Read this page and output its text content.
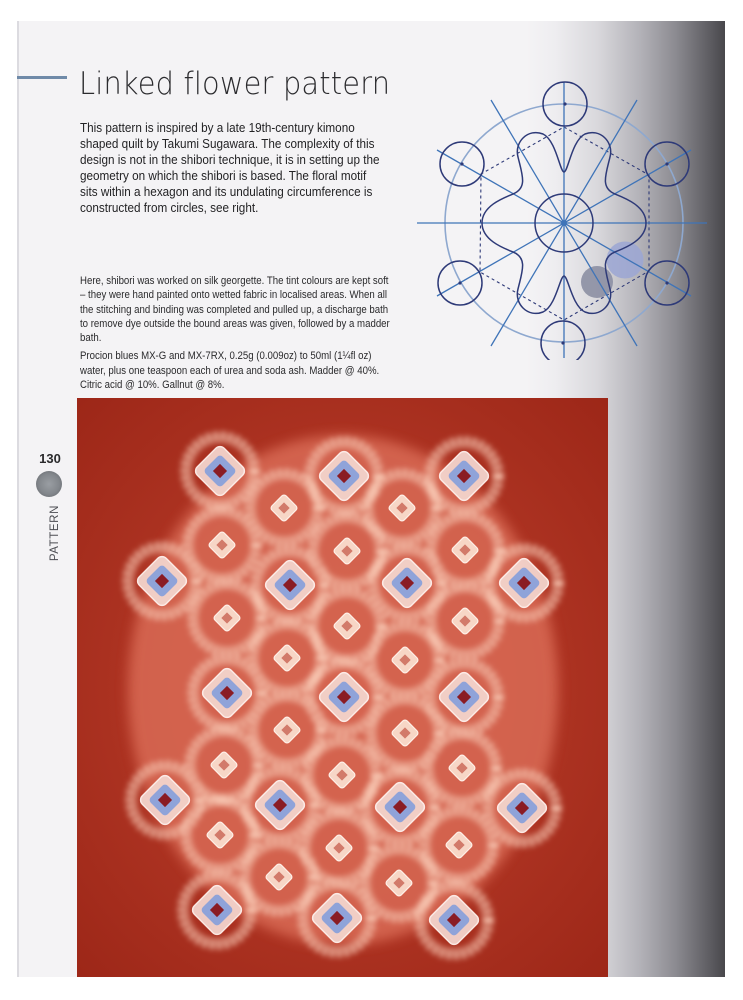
Linked flower pattern
This pattern is inspired by a late 19th-century kimono shaped quilt by Takumi Sugawara. The complexity of this design is not in the shibori technique, it is in setting up the geometry on which the shibori is based. The floral motif sits within a hexagon and its undulating circumference is constructed from circles, see right.

Here, shibori was worked on silk georgette. The tint colours are kept soft – they were hand painted onto wetted fabric in localised areas. When all the stitching and binding was completed and pulled up, a discharge bath to remove dye outside the bound areas was given, followed by a madder bath.

Procion blues MX-G and MX-7RX, 0.25g (0.009oz) to 50ml (1¼fl oz) water, plus one teaspoon each of urea and soda ash. Madder @ 40%. Citric acid @ 10%. Gallnut @ 8%.

130
PATTERN
